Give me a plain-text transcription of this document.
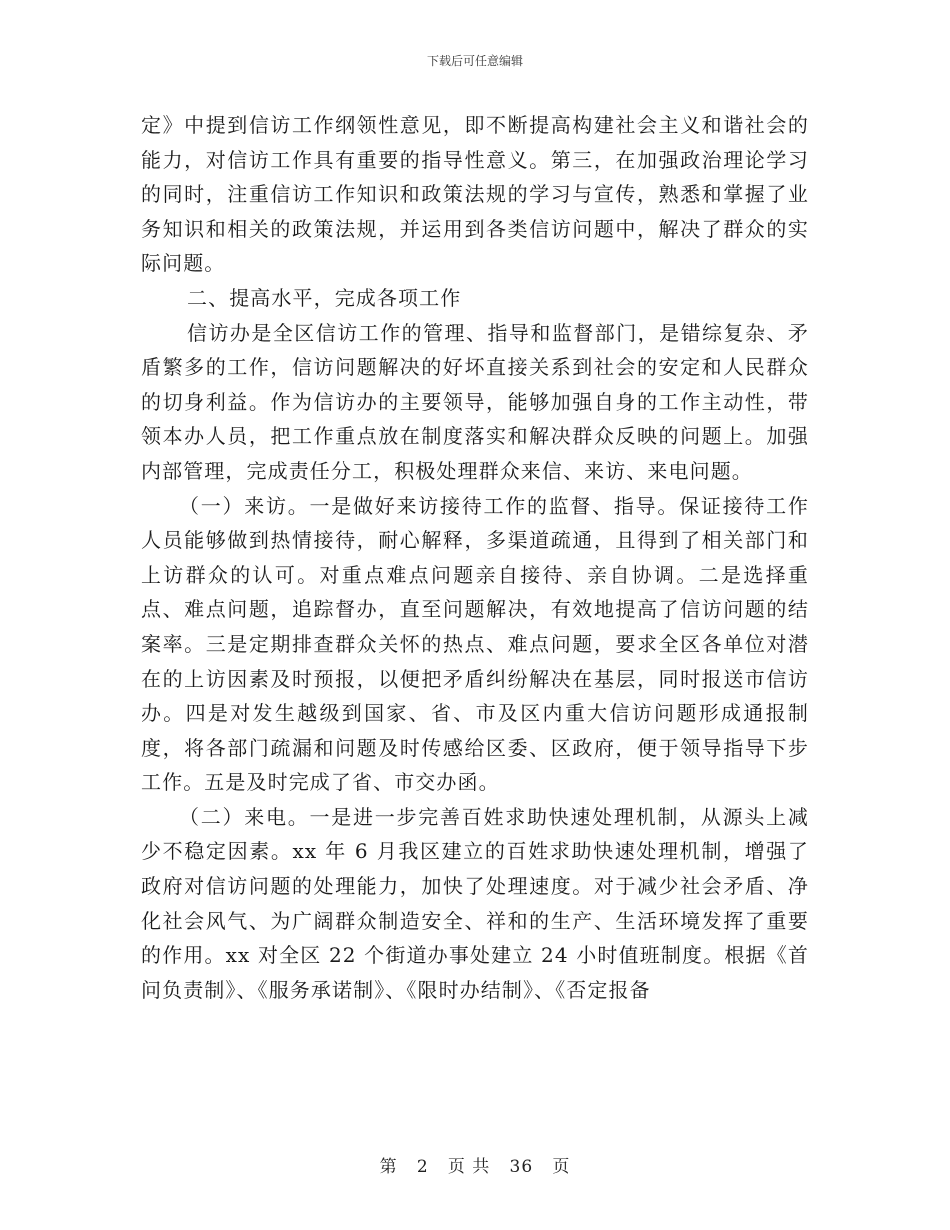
下载后可任意编辑

定》中提到信访工作纲领性意见，即不断提高构建社会主义和谐社会的能力，对信访工作具有重要的指导性意义。第三，在加强政治理论学习的同时，注重信访工作知识和政策法规的学习与宣传，熟悉和掌握了业务知识和相关的政策法规，并运用到各类信访问题中，解决了群众的实际问题。

二、提高水平，完成各项工作

信访办是全区信访工作的管理、指导和监督部门，是错综复杂、矛盾繁多的工作，信访问题解决的好坏直接关系到社会的安定和人民群众的切身利益。作为信访办的主要领导，能够加强自身的工作主动性，带领本办人员，把工作重点放在制度落实和解决群众反映的问题上。加强内部管理，完成责任分工，积极处理群众来信、来访、来电问题。

（一）来访。一是做好来访接待工作的监督、指导。保证接待工作人员能够做到热情接待，耐心解释，多渠道疏通，且得到了相关部门和上访群众的认可。对重点难点问题亲自接待、亲自协调。二是选择重点、难点问题，追踪督办，直至问题解决，有效地提高了信访问题的结案率。三是定期排查群众关怀的热点、难点问题，要求全区各单位对潜在的上访因素及时预报，以便把矛盾纠纷解决在基层，同时报送市信访办。四是对发生越级到国家、省、市及区内重大信访问题形成通报制度，将各部门疏漏和问题及时传感给区委、区政府，便于领导指导下步工作。五是及时完成了省、市交办函。

（二）来电。一是进一步完善百姓求助快速处理机制，从源头上减少不稳定因素。xx 年 6 月我区建立的百姓求助快速处理机制，增强了政府对信访问题的处理能力，加快了处理速度。对于减少社会矛盾、净化社会风气、为广阔群众制造安全、祥和的生产、生活环境发挥了重要的作用。xx 对全区 22 个街道办事处建立 24 小时值班制度。根据《首问负责制》、《服务承诺制》、《限时办结制》、《否定报备

第 2 页 共 36 页
